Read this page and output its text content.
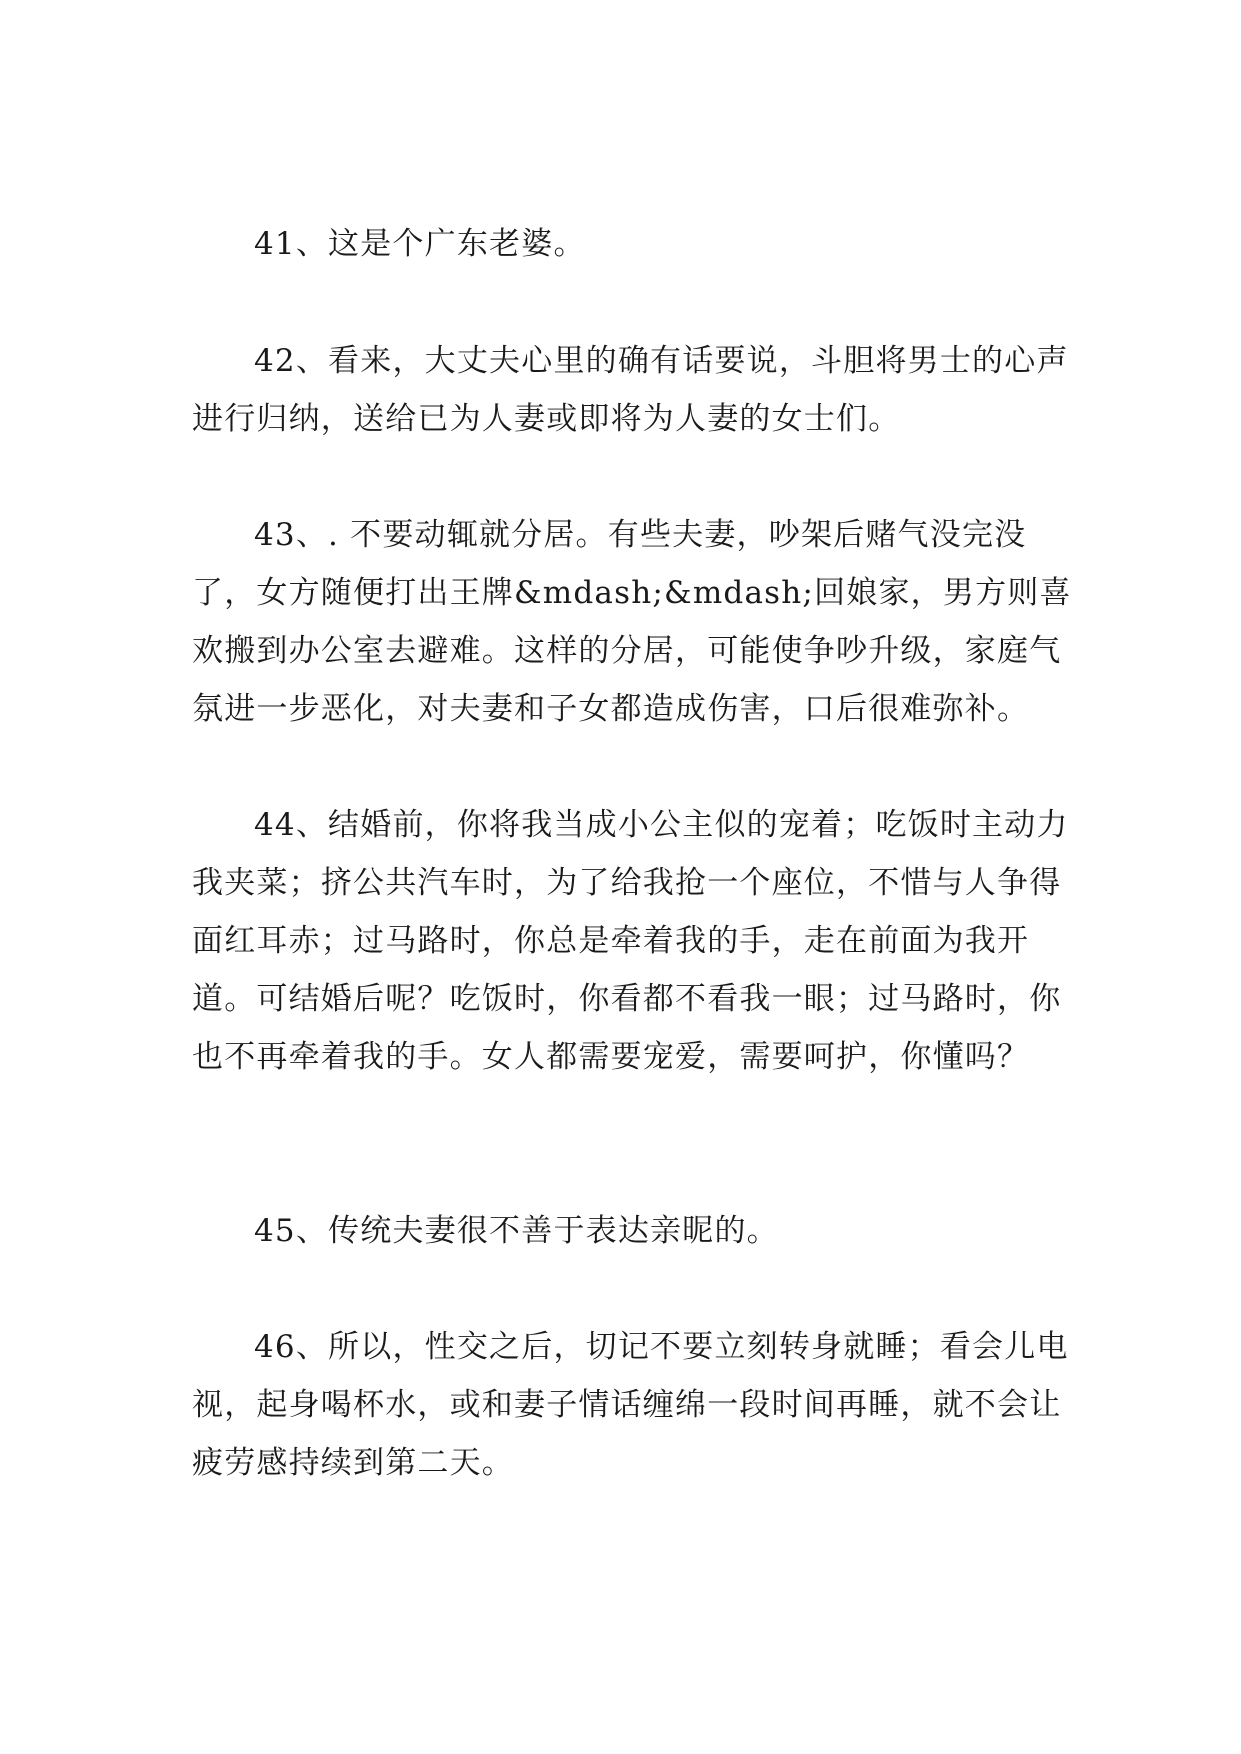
41、这是个广东老婆。

42、看来，大丈夫心里的确有话要说，斗胆将男士的心声进行归纳，送给已为人妻或即将为人妻的女士们。

43、. 不要动辄就分居。有些夫妻，吵架后赌气没完没了，女方随便打出王牌&mdash;&mdash;回娘家，男方则喜欢搬到办公室去避难。这样的分居，可能使争吵升级，家庭气氛进一步恶化，对夫妻和子女都造成伤害，口后很难弥补。

44、结婚前，你将我当成小公主似的宠着；吃饭时主动力我夹菜；挤公共汽车时，为了给我抢一个座位，不惜与人争得面红耳赤；过马路时，你总是牵着我的手，走在前面为我开道。可结婚后呢？吃饭时，你看都不看我一眼；过马路时，你也不再牵着我的手。女人都需要宠爱，需要呵护，你懂吗？

45、传统夫妻很不善于表达亲昵的。

46、所以，性交之后，切记不要立刻转身就睡；看会儿电视，起身喝杯水，或和妻子情话缠绵一段时间再睡，就不会让疲劳感持续到第二天。
